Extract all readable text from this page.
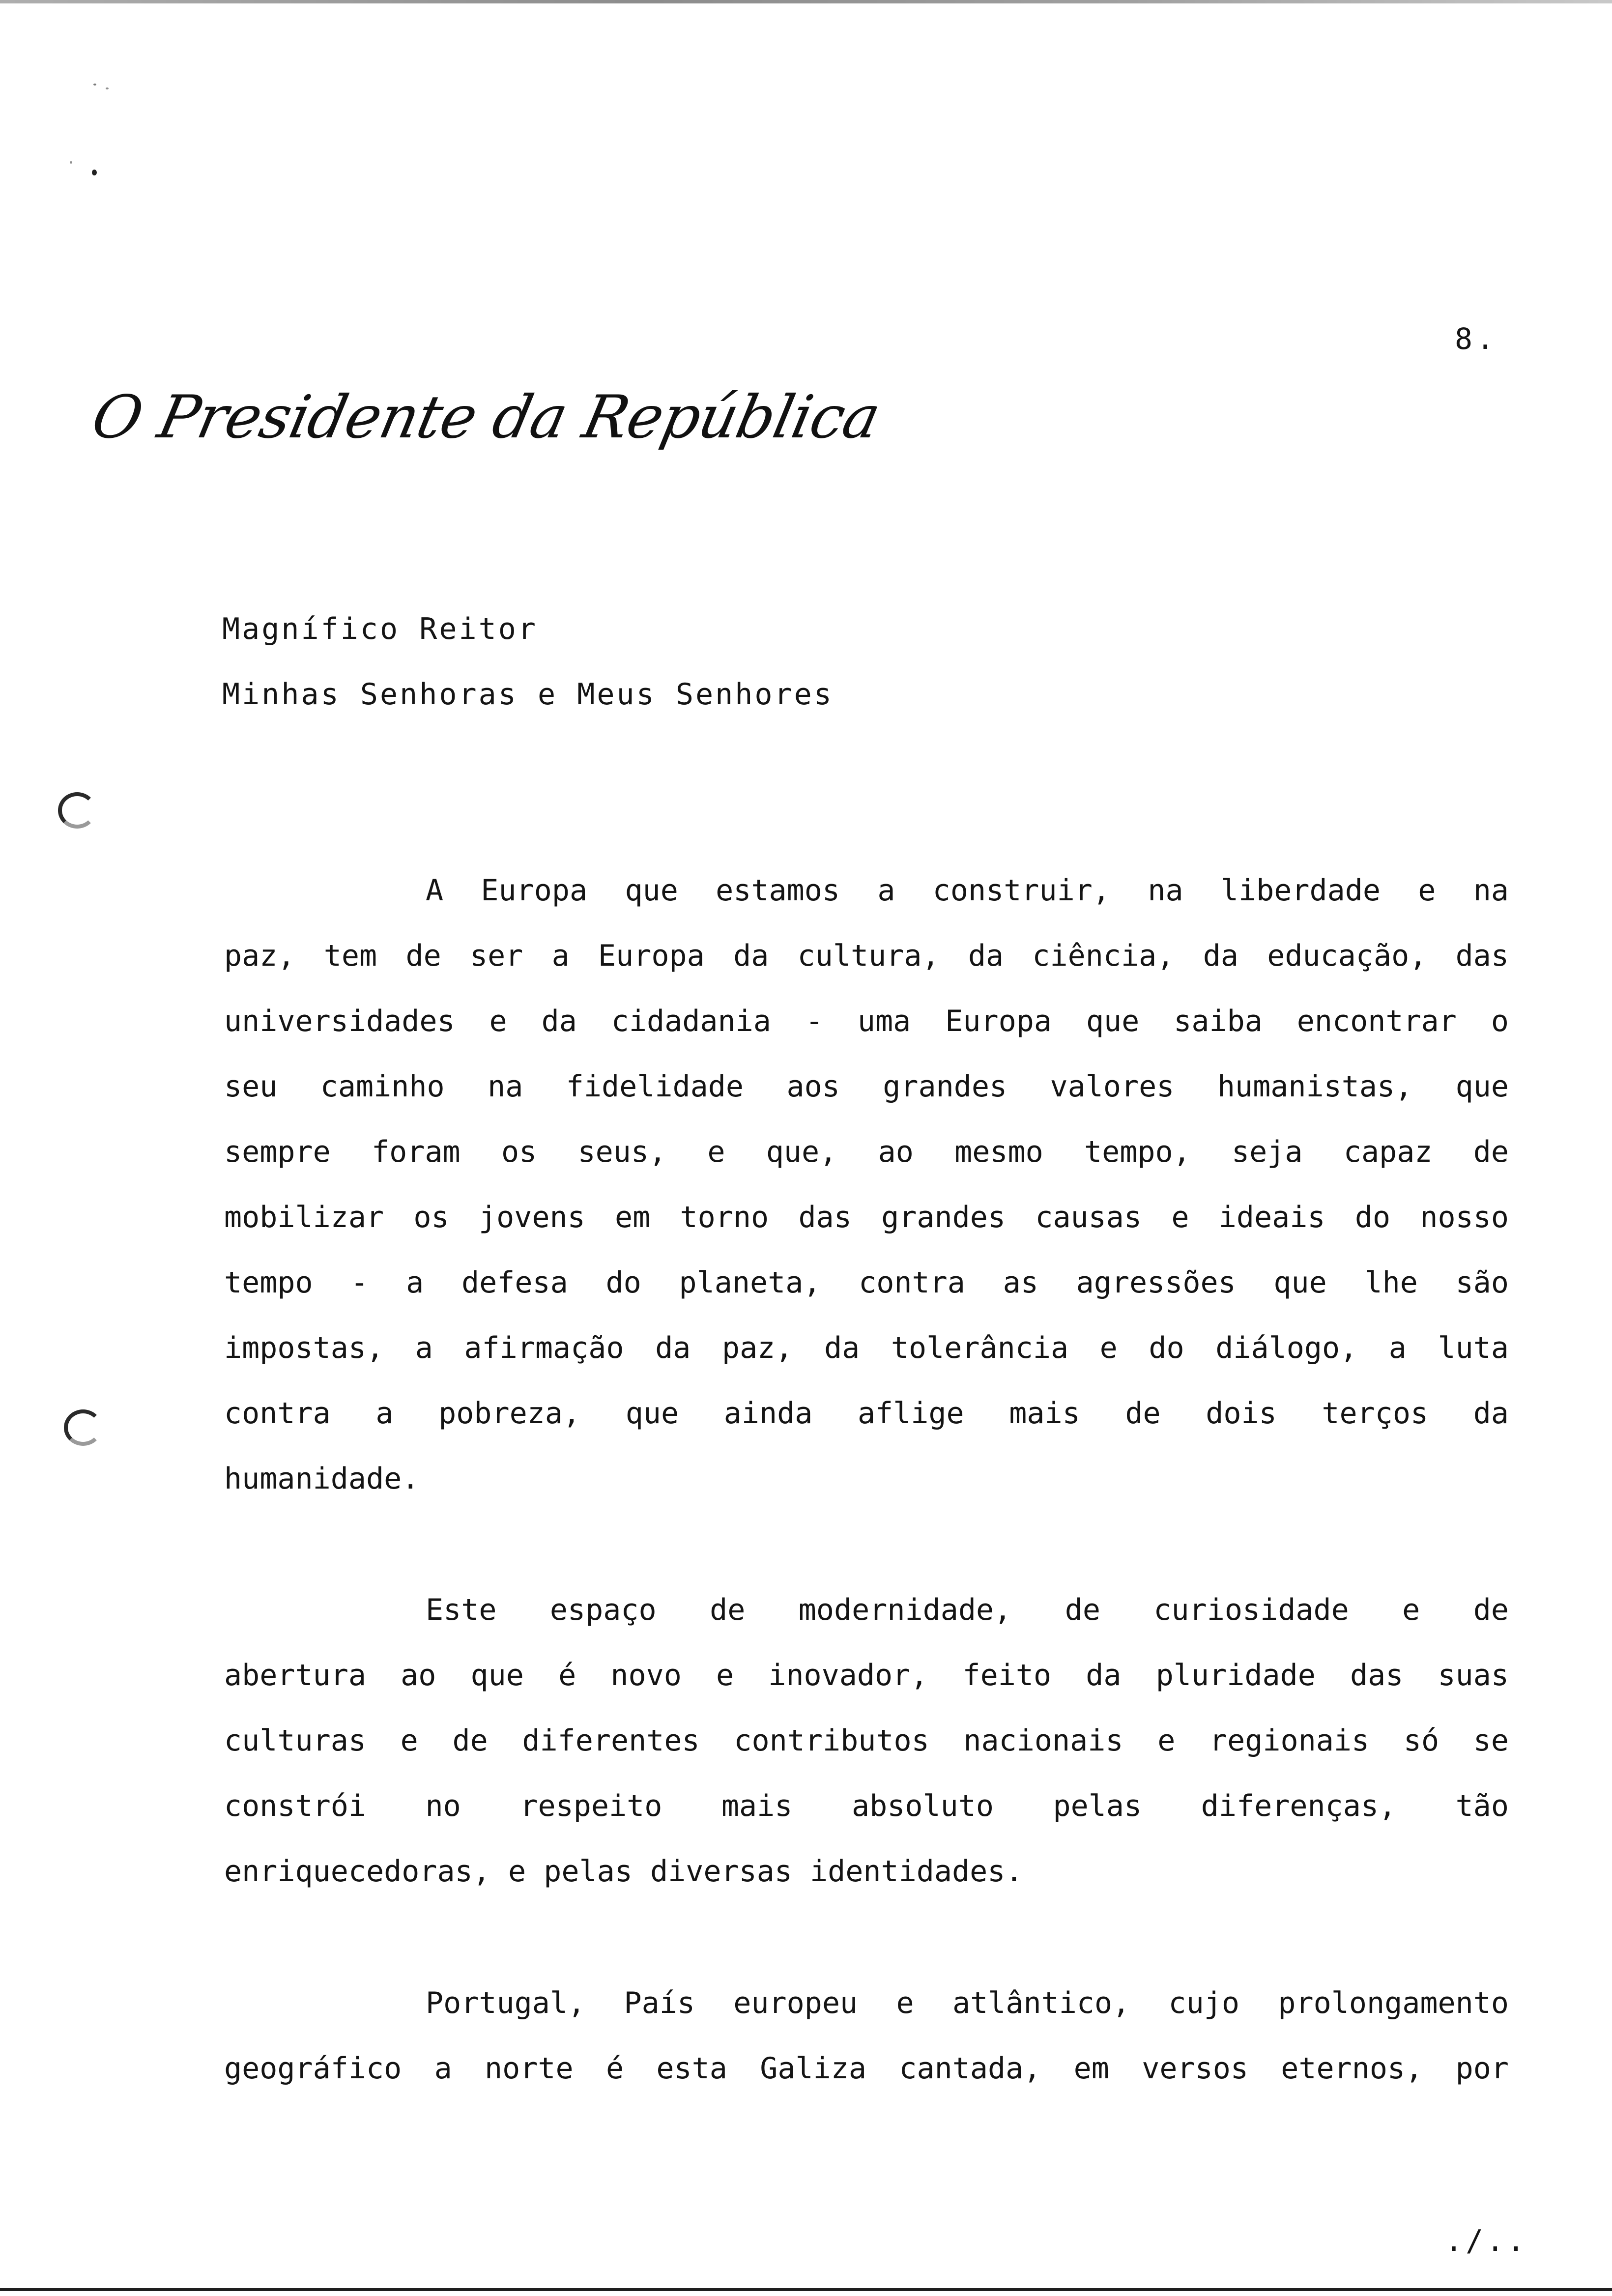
8.
O Presidente da República
Magnífico Reitor
Minhas Senhoras e Meus Senhores
A Europa que estamos a construir, na liberdade e na
paz, tem de ser a Europa da cultura, da ciência, da educação, das
universidades e da cidadania - uma Europa que saiba encontrar o
seu caminho na fidelidade aos grandes valores humanistas, que
sempre foram os seus, e que, ao mesmo tempo, seja capaz de
mobilizar os jovens em torno das grandes causas e ideais do nosso
tempo - a defesa do planeta, contra as agressões que lhe são
impostas, a afirmação da paz, da tolerância e do diálogo, a luta
contra a pobreza, que ainda aflige mais de dois terços da
humanidade.
Este espaço de modernidade, de curiosidade e de
abertura ao que é novo e inovador, feito da pluridade das suas
culturas e de diferentes contributos nacionais e regionais só se
constrói no respeito mais absoluto pelas diferenças, tão
enriquecedoras, e pelas diversas identidades.
Portugal, País europeu e atlântico, cujo prolongamento
geográfico a norte é esta Galiza cantada, em versos eternos, por
./..
